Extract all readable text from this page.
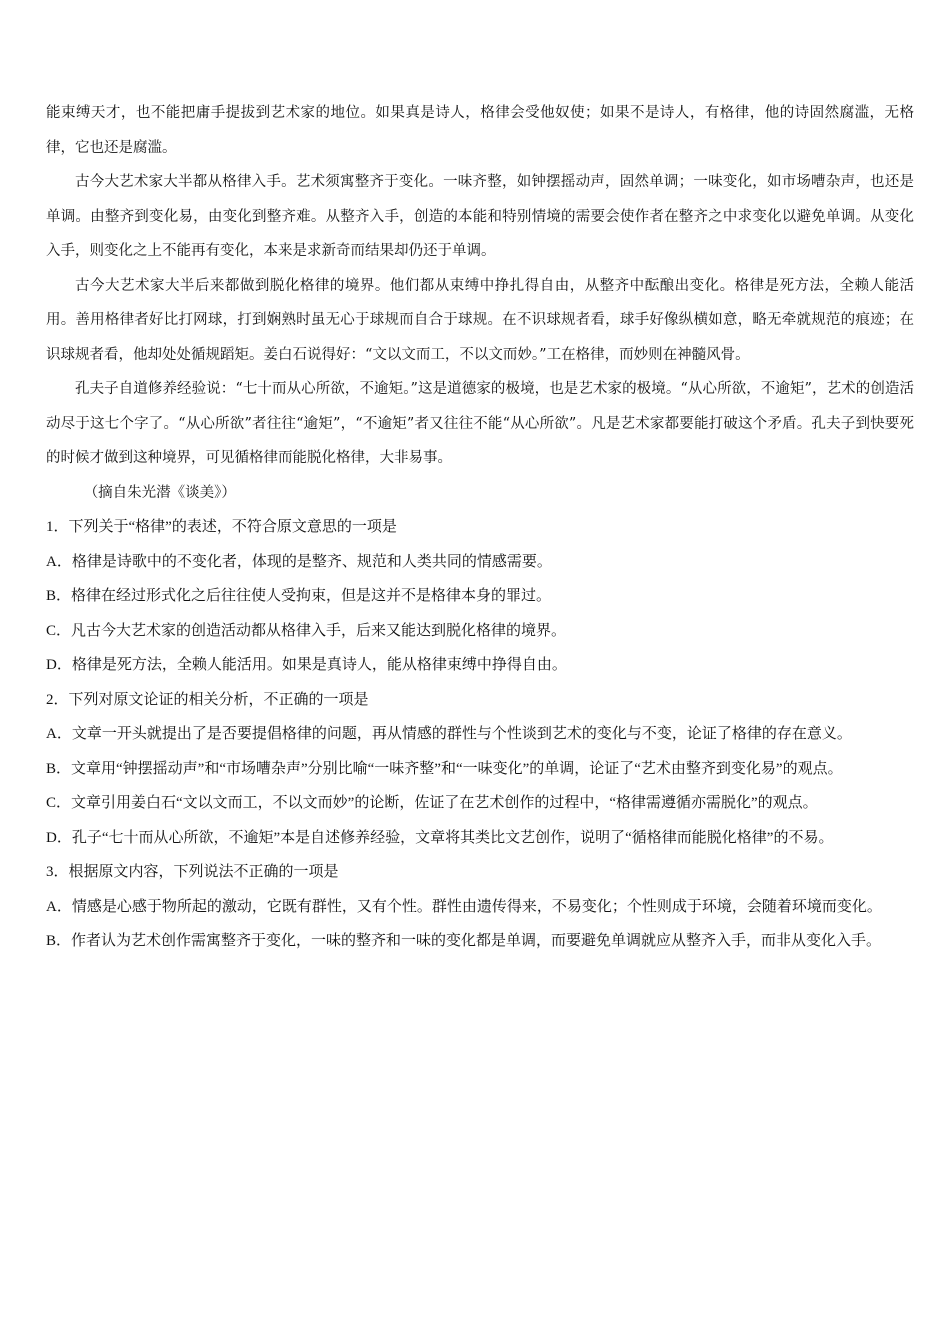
能束缚天才，也不能把庸手提拔到艺术家的地位。如果真是诗人，格律会受他奴使；如果不是诗人，有格律，他的诗固然腐滥，无格律，它也还是腐滥。

古今大艺术家大半都从格律入手。艺术须寓整齐于变化。一味齐整，如钟摆摇动声，固然单调；一味变化，如市场嘈杂声，也还是单调。由整齐到变化易，由变化到整齐难。从整齐入手，创造的本能和特别情境的需要会使作者在整齐之中求变化以避免单调。从变化入手，则变化之上不能再有变化，本来是求新奇而结果却仍还于单调。

古今大艺术家大半后来都做到脱化格律的境界。他们都从束缚中挣扎得自由，从整齐中酝酿出变化。格律是死方法，全赖人能活用。善用格律者好比打网球，打到娴熟时虽无心于球规而自合于球规。在不识球规者看，球手好像纵横如意，略无牵就规范的痕迹；在识球规者看，他却处处循规蹈矩。姜白石说得好：“文以文而工，不以文而妙。”工在格律，而妙则在神髓风骨。

孔夫子自道修养经验说：“七十而从心所欲，不逾矩。”这是道德家的极境，也是艺术家的极境。“从心所欲，不逾矩”，艺术的创造活动尽于这七个字了。“从心所欲”者往往“逾矩”，“不逾矩”者又往往不能“从心所欲”。凡是艺术家都要能打破这个矛盾。孔夫子到快要死的时候才做到这种境界，可见循格律而能脱化格律，大非易事。

（摘自朱光潜《谈美》）

1．下列关于“格律”的表述，不符合原文意思的一项是

A．格律是诗歌中的不变化者，体现的是整齐、规范和人类共同的情感需要。

B．格律在经过形式化之后往往使人受拘束，但是这并不是格律本身的罪过。

C．凡古今大艺术家的创造活动都从格律入手，后来又能达到脱化格律的境界。

D．格律是死方法，全赖人能活用。如果是真诗人，能从格律束缚中挣得自由。

2．下列对原文论证的相关分析，不正确的一项是

A．文章一开头就提出了是否要提倡格律的问题，再从情感的群性与个性谈到艺术的变化与不变，论证了格律的存在意义。

B．文章用“钟摆摇动声”和“市场嘈杂声”分别比喻“一味齐整”和“一味变化”的单调，论证了“艺术由整齐到变化易”的观点。

C．文章引用姜白石“文以文而工，不以文而妙”的论断，佐证了在艺术创作的过程中，“格律需遵循亦需脱化”的观点。

D．孔子“七十而从心所欲，不逾矩”本是自述修养经验，文章将其类比文艺创作，说明了“循格律而能脱化格律”的不易。

3．根据原文内容，下列说法不正确的一项是

A．情感是心感于物所起的激动，它既有群性，又有个性。群性由遗传得来，不易变化；个性则成于环境，会随着环境而变化。

B．作者认为艺术创作需寓整齐于变化，一味的整齐和一味的变化都是单调，而要避免单调就应从整齐入手，而非从变化入手。
